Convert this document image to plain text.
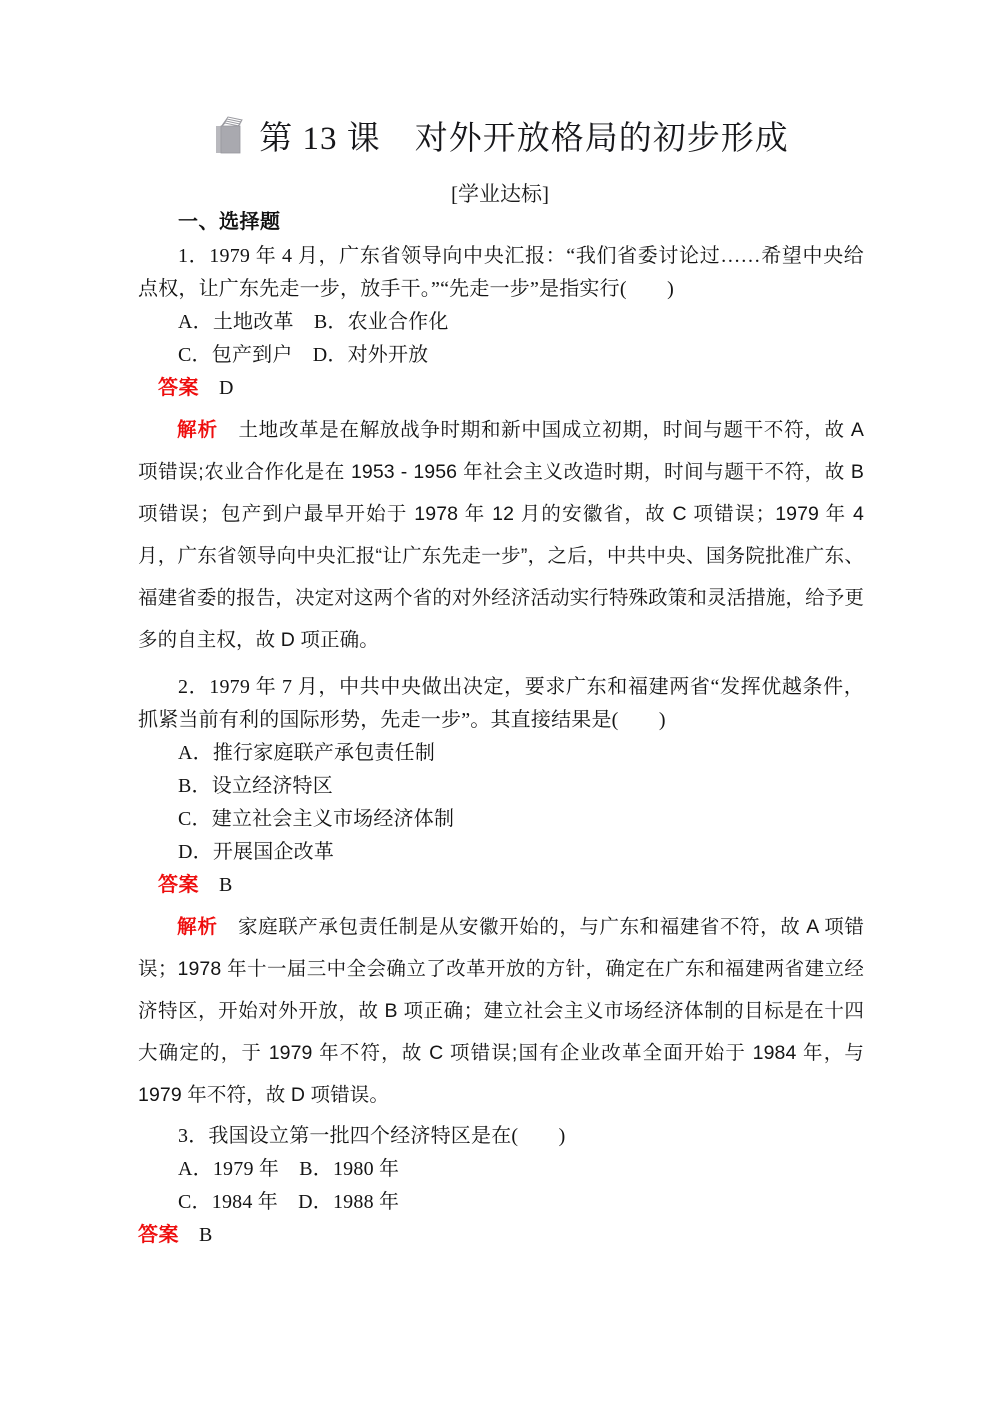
第 13 课　对外开放格局的初步形成
[学业达标]

一、选择题

1．1979 年 4 月，广东省领导向中央汇报：“我们省委讨论过……希望中央给点权，让广东先走一步，放手干。”“先走一步”是指实行(　　)

A．土地改革　B．农业合作化

C．包产到户　D．对外开放

答案　D

解析　土地改革是在解放战争时期和新中国成立初期，时间与题干不符，故 A 项错误;农业合作化是在 1953 - 1956 年社会主义改造时期，时间与题干不符，故 B 项错误；包产到户最早开始于 1978 年 12 月的安徽省，故 C 项错误；1979 年 4 月，广东省领导向中央汇报“让广东先走一步”，之后，中共中央、国务院批准广东、福建省委的报告，决定对这两个省的对外经济活动实行特殊政策和灵活措施，给予更多的自主权，故 D 项正确。

2．1979 年 7 月，中共中央做出决定，要求广东和福建两省“发挥优越条件，抓紧当前有利的国际形势，先走一步”。其直接结果是(　　)

A．推行家庭联产承包责任制

B．设立经济特区

C．建立社会主义市场经济体制

D．开展国企改革

答案　B

解析　家庭联产承包责任制是从安徽开始的，与广东和福建省不符，故 A 项错误；1978 年十一届三中全会确立了改革开放的方针，确定在广东和福建两省建立经济特区，开始对外开放，故 B 项正确；建立社会主义市场经济体制的目标是在十四大确定的，于 1979 年不符，故 C 项错误;国有企业改革全面开始于 1984 年，与 1979 年不符，故 D 项错误。

3．我国设立第一批四个经济特区是在(　　)

A．1979 年　B．1980 年

C．1984 年　D．1988 年

答案　B
